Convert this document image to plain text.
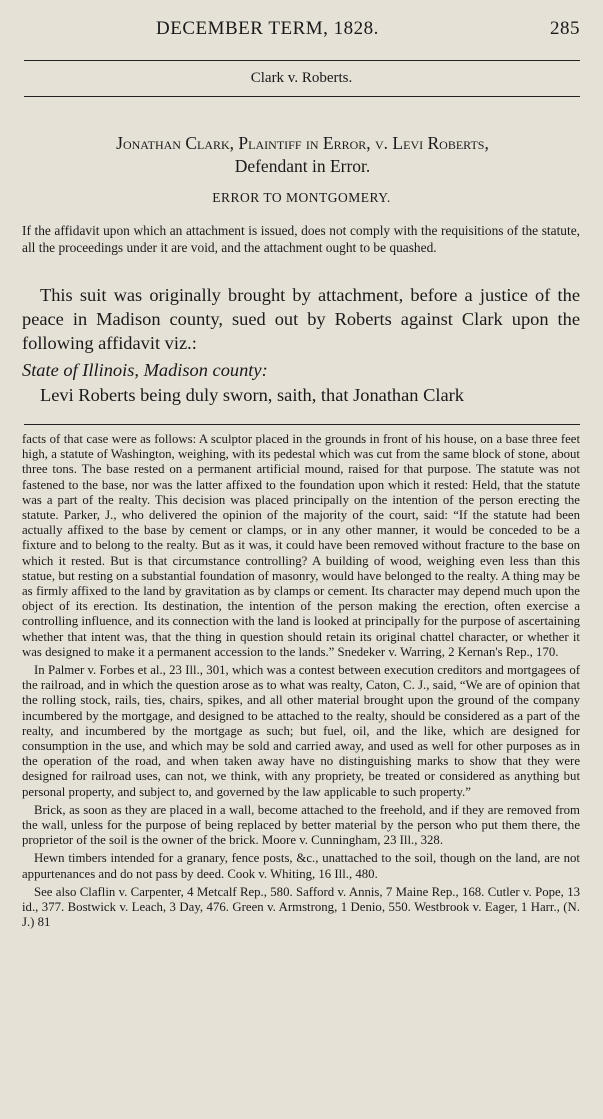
DECEMBER TERM, 1828.	285
Clark v. Roberts.
Jonathan Clark, Plaintiff in Error, v. Levi Roberts,
Defendant in Error.
ERROR TO MONTGOMERY.
If the affidavit upon which an attachment is issued, does not comply with the requisitions of the statute, all the proceedings under it are void, and the attachment ought to be quashed.

This suit was originally brought by attachment, before a justice of the peace in Madison county, sued out by Roberts against Clark upon the following affidavit viz.:

State of Illinois, Madison county:
Levi Roberts being duly sworn, saith, that Jonathan Clark

facts of that case were as follows: A sculptor placed in the grounds in front of his house, on a base three feet high, a statute of Washington, weighing, with its pedestal which was cut from the same block of stone, about three tons. The base rested on a permanent artificial mound, raised for that purpose. The statute was not fastened to the base, nor was the latter affixed to the foundation upon which it rested: Held, that the statute was a part of the realty. This decision was placed principally on the intention of the person erecting the statute. Parker, J., who delivered the opinion of the majority of the court, said: “If the statute had been actually affixed to the base by cement or clamps, or in any other manner, it would be conceded to be a fixture and to belong to the realty. But as it was, it could have been removed without fracture to the base on which it rested. But is that circumstance controlling? A building of wood, weighing even less than this statue, but resting on a substantial foundation of masonry, would have belonged to the realty. A thing may be as firmly affixed to the land by gravitation as by clamps or cement. Its character may depend much upon the object of its erection. Its destination, the intention of the person making the erection, often exercise a controlling influence, and its connection with the land is looked at principally for the purpose of ascertaining whether that intent was, that the thing in question should retain its original chattel character, or whether it was designed to make it a permanent accession to the lands.” Snedeker v. Warring, 2 Kernan's Rep., 170.

In Palmer v. Forbes et al., 23 Ill., 301, which was a contest between execution creditors and mortgagees of the railroad, and in which the question arose as to what was realty, Caton, C. J., said, “We are of opinion that the rolling stock, rails, ties, chairs, spikes, and all other material brought upon the ground of the company incumbered by the mortgage, and designed to be attached to the realty, should be considered as a part of the realty, and incumbered by the mortgage as such; but fuel, oil, and the like, which are designed for consumption in the use, and which may be sold and carried away, and used as well for other purposes as in the operation of the road, and when taken away have no distinguishing marks to show that they were designed for railroad uses, can not, we think, with any propriety, be treated or considered as anything but personal property, and subject to, and governed by the law applicable to such property.”

Brick, as soon as they are placed in a wall, become attached to the freehold, and if they are removed from the wall, unless for the purpose of being replaced by better material by the person who put them there, the proprietor of the soil is the owner of the brick. Moore v. Cunningham, 23 Ill., 328.

Hewn timbers intended for a granary, fence posts, &c., unattached to the soil, though on the land, are not appurtenances and do not pass by deed. Cook v. Whiting, 16 Ill., 480.

See also Claflin v. Carpenter, 4 Metcalf Rep., 580. Safford v. Annis, 7 Maine Rep., 168. Cutler v. Pope, 13 id., 377. Bostwick v. Leach, 3 Day, 476. Green v. Armstrong, 1 Denio, 550. Westbrook v. Eager, 1 Harr., (N. J.) 81
